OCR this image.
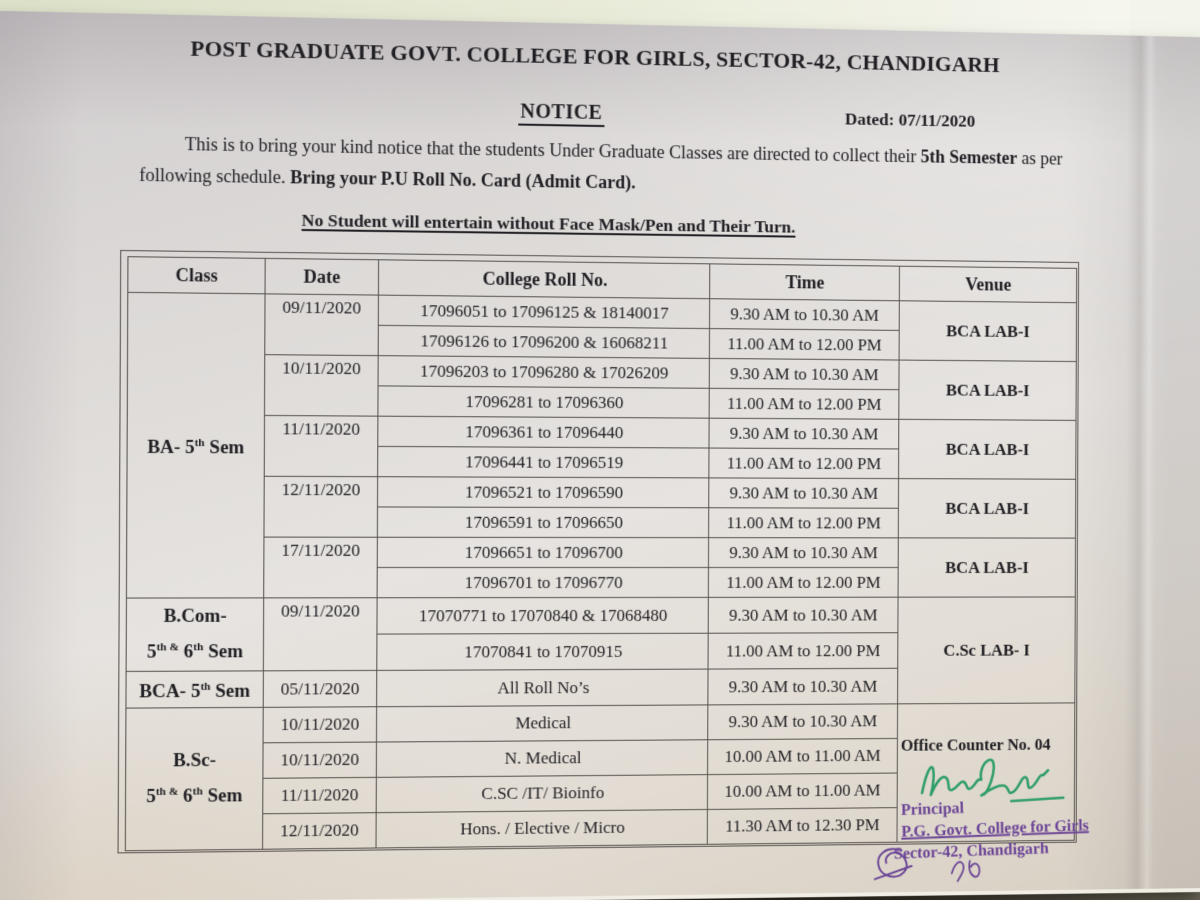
POST GRADUATE GOVT. COLLEGE FOR GIRLS, SECTOR-42, CHANDIGARH
NOTICE	Dated: 07/11/2020

This is to bring your kind notice that the students Under Graduate Classes are directed to collect their 5th Semester as per following schedule. Bring your P.U Roll No. Card (Admit Card).

No Student will entertain without Face Mask/Pen and Their Turn.
Class	Date	College Roll No.	Time	Venue
BA- 5th Sem	09/11/2020	17096051 to 17096125 & 18140017	9.30 AM to 10.30 AM	BCA LAB-I
		17096126 to 17096200 & 16068211	11.00 AM to 12.00 PM	
	10/11/2020	17096203 to 17096280 & 17026209	9.30 AM to 10.30 AM	BCA LAB-I
		17096281 to 17096360	11.00 AM to 12.00 PM	
	11/11/2020	17096361 to 17096440	9.30 AM to 10.30 AM	BCA LAB-I
		17096441 to 17096519	11.00 AM to 12.00 PM	
	12/11/2020	17096521 to 17096590	9.30 AM to 10.30 AM	BCA LAB-I
		17096591 to 17096650	11.00 AM to 12.00 PM	
	17/11/2020	17096651 to 17096700	9.30 AM to 10.30 AM	BCA LAB-I
		17096701 to 17096770	11.00 AM to 12.00 PM	

B.Com-
$5^{th \&}$ 6th Sem	09/11/2020	17070771 to 17070840 & 17068480	9.30 AM to 10.30 AM	C.Sc LAB- I
		17070841 to 17070915	11.00 AM to 12.00 PM	
BCA- 5th Sem	05/11/2020	All Roll No’s	9.30 AM to 10.30 AM	

B.Sc-
$5^{th \&}$ 6th Sem
	10/11/2020	Medical	9.30 AM to 10.30 AM	
Office Counter No. 04
Principal
P.G. Govt. College for Girls
Sector-42, Chandigarh

	10/11/2020	N. Medical	10.00 AM to 11.00 AM	
	11/11/2020	C.SC /IT/ Bioinfo	10.00 AM to 11.00 AM	
	12/11/2020	Hons. / Elective / Micro	11.30 AM to 12.30 PM	
